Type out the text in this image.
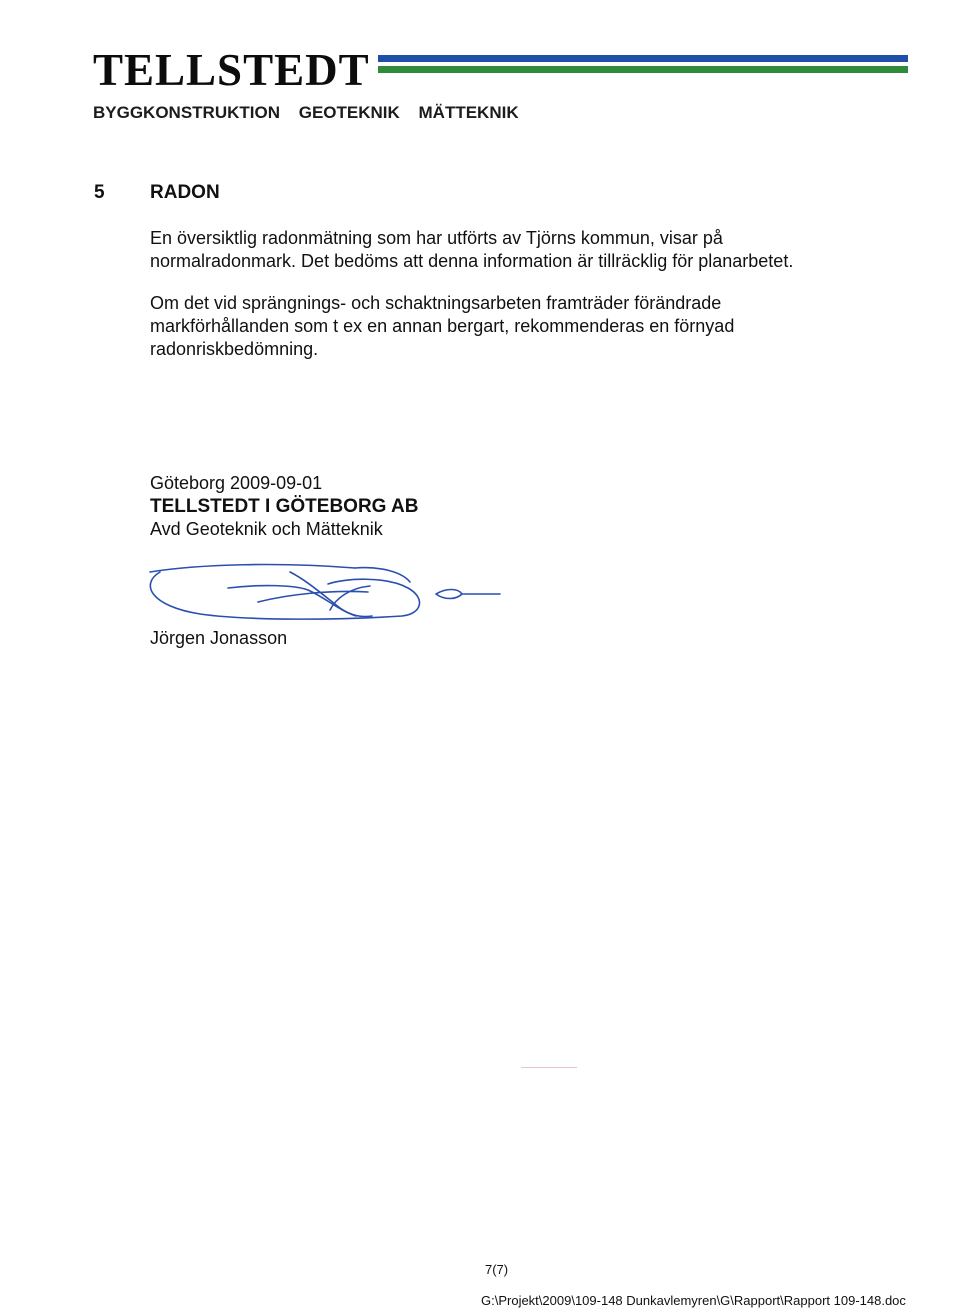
TELLSTEDT
BYGGKONSTRUKTION GEOTEKNIK MÄTTEKNIK
5 RADON
En översiktlig radonmätning som har utförts av Tjörns kommun, visar på normalradonmark. Det bedöms att denna information är tillräcklig för planarbetet.
Om det vid sprängnings- och schaktningsarbeten framträder förändrade markförhållanden som t ex en annan bergart, rekommenderas en förnyad radonriskbedömning.
Göteborg 2009-09-01
TELLSTEDT I GÖTEBORG AB
Avd Geoteknik och Mätteknik
Jörgen Jonasson
7(7)
G:\Projekt\2009\109-148 Dunkavlemyren\G\Rapport\Rapport 109-148.doc
